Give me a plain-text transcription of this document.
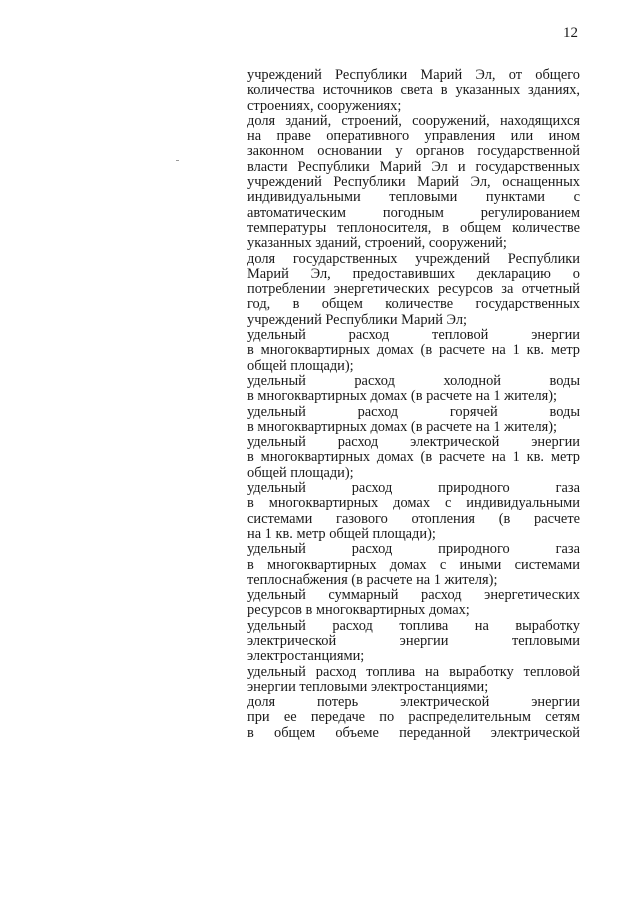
12
учреждений Республики Марий Эл, от общего
количества источников света в указанных зданиях,
строениях, сооружениях;
доля зданий, строений, сооружений, находящихся
на праве оперативного управления или ином
законном основании у органов государственной
власти Республики Марий Эл и государственных
учреждений Республики Марий Эл, оснащенных
индивидуальными тепловыми пунктами с
автоматическим погодным регулированием
температуры теплоносителя, в общем количестве
указанных зданий, строений, сооружений;
доля государственных учреждений Республики
Марий Эл, предоставивших декларацию о
потреблении энергетических ресурсов за отчетный
год, в общем количестве государственных
учреждений Республики Марий Эл;
удельный расход тепловой энергии
в многоквартирных домах (в расчете на 1 кв. метр
общей площади);
удельный расход холодной воды
в многоквартирных домах (в расчете на 1 жителя);
удельный расход горячей воды
в многоквартирных домах (в расчете на 1 жителя);
удельный расход электрической энергии
в многоквартирных домах (в расчете на 1 кв. метр
общей площади);
удельный расход природного газа
в многоквартирных домах с индивидуальными
системами газового отопления (в расчете
на 1 кв. метр общей площади);
удельный расход природного газа
в многоквартирных домах с иными системами
теплоснабжения (в расчете на 1 жителя);
удельный суммарный расход энергетических
ресурсов в многоквартирных домах;
удельный расход топлива на выработку
электрической энергии тепловыми
электростанциями;
удельный расход топлива на выработку тепловой
энергии тепловыми электростанциями;
доля потерь электрической энергии
при ее передаче по распределительным сетям
в общем объеме переданной электрической
